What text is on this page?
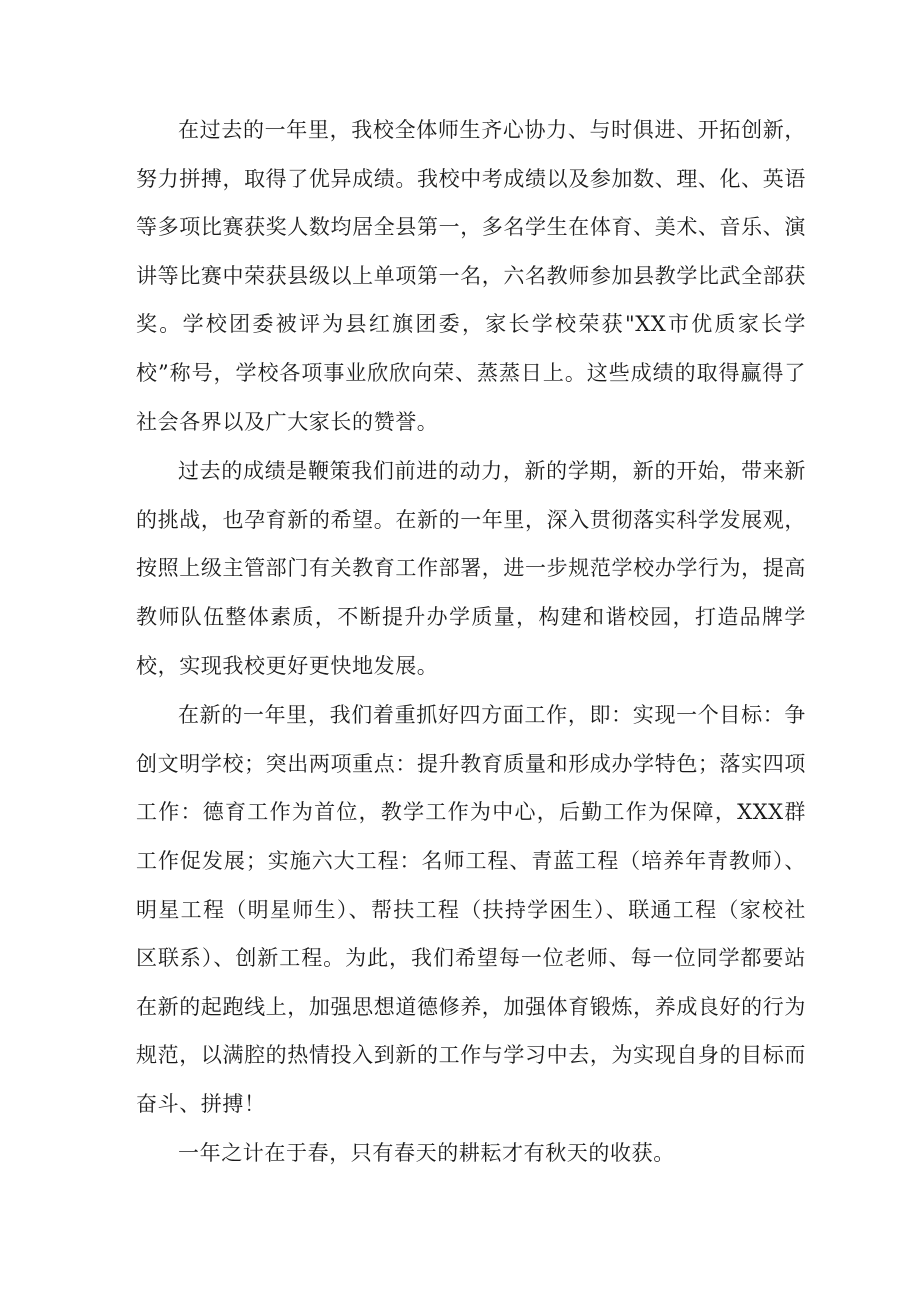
在过去的一年里，我校全体师生齐心协力、与时俱进、开拓创新，努力拼搏，取得了优异成绩。我校中考成绩以及参加数、理、化、英语等多项比赛获奖人数均居全县第一，多名学生在体育、美术、音乐、演讲等比赛中荣获县级以上单项第一名，六名教师参加县教学比武全部获奖。学校团委被评为县红旗团委，家长学校荣获"XX市优质家长学校”称号，学校各项事业欣欣向荣、蒸蒸日上。这些成绩的取得赢得了社会各界以及广大家长的赞誉。

过去的成绩是鞭策我们前进的动力，新的学期，新的开始，带来新的挑战，也孕育新的希望。在新的一年里，深入贯彻落实科学发展观，按照上级主管部门有关教育工作部署，进一步规范学校办学行为，提高教师队伍整体素质，不断提升办学质量，构建和谐校园，打造品牌学校，实现我校更好更快地发展。

在新的一年里，我们着重抓好四方面工作，即：实现一个目标：争创文明学校；突出两项重点：提升教育质量和形成办学特色；落实四项工作：德育工作为首位，教学工作为中心，后勤工作为保障，XXX群工作促发展；实施六大工程：名师工程、青蓝工程（培养年青教师）、明星工程（明星师生）、帮扶工程（扶持学困生）、联通工程（家校社区联系）、创新工程。为此，我们希望每一位老师、每一位同学都要站在新的起跑线上，加强思想道德修养，加强体育锻炼，养成良好的行为规范，以满腔的热情投入到新的工作与学习中去，为实现自身的目标而奋斗、拼搏！

一年之计在于春，只有春天的耕耘才有秋天的收获。
